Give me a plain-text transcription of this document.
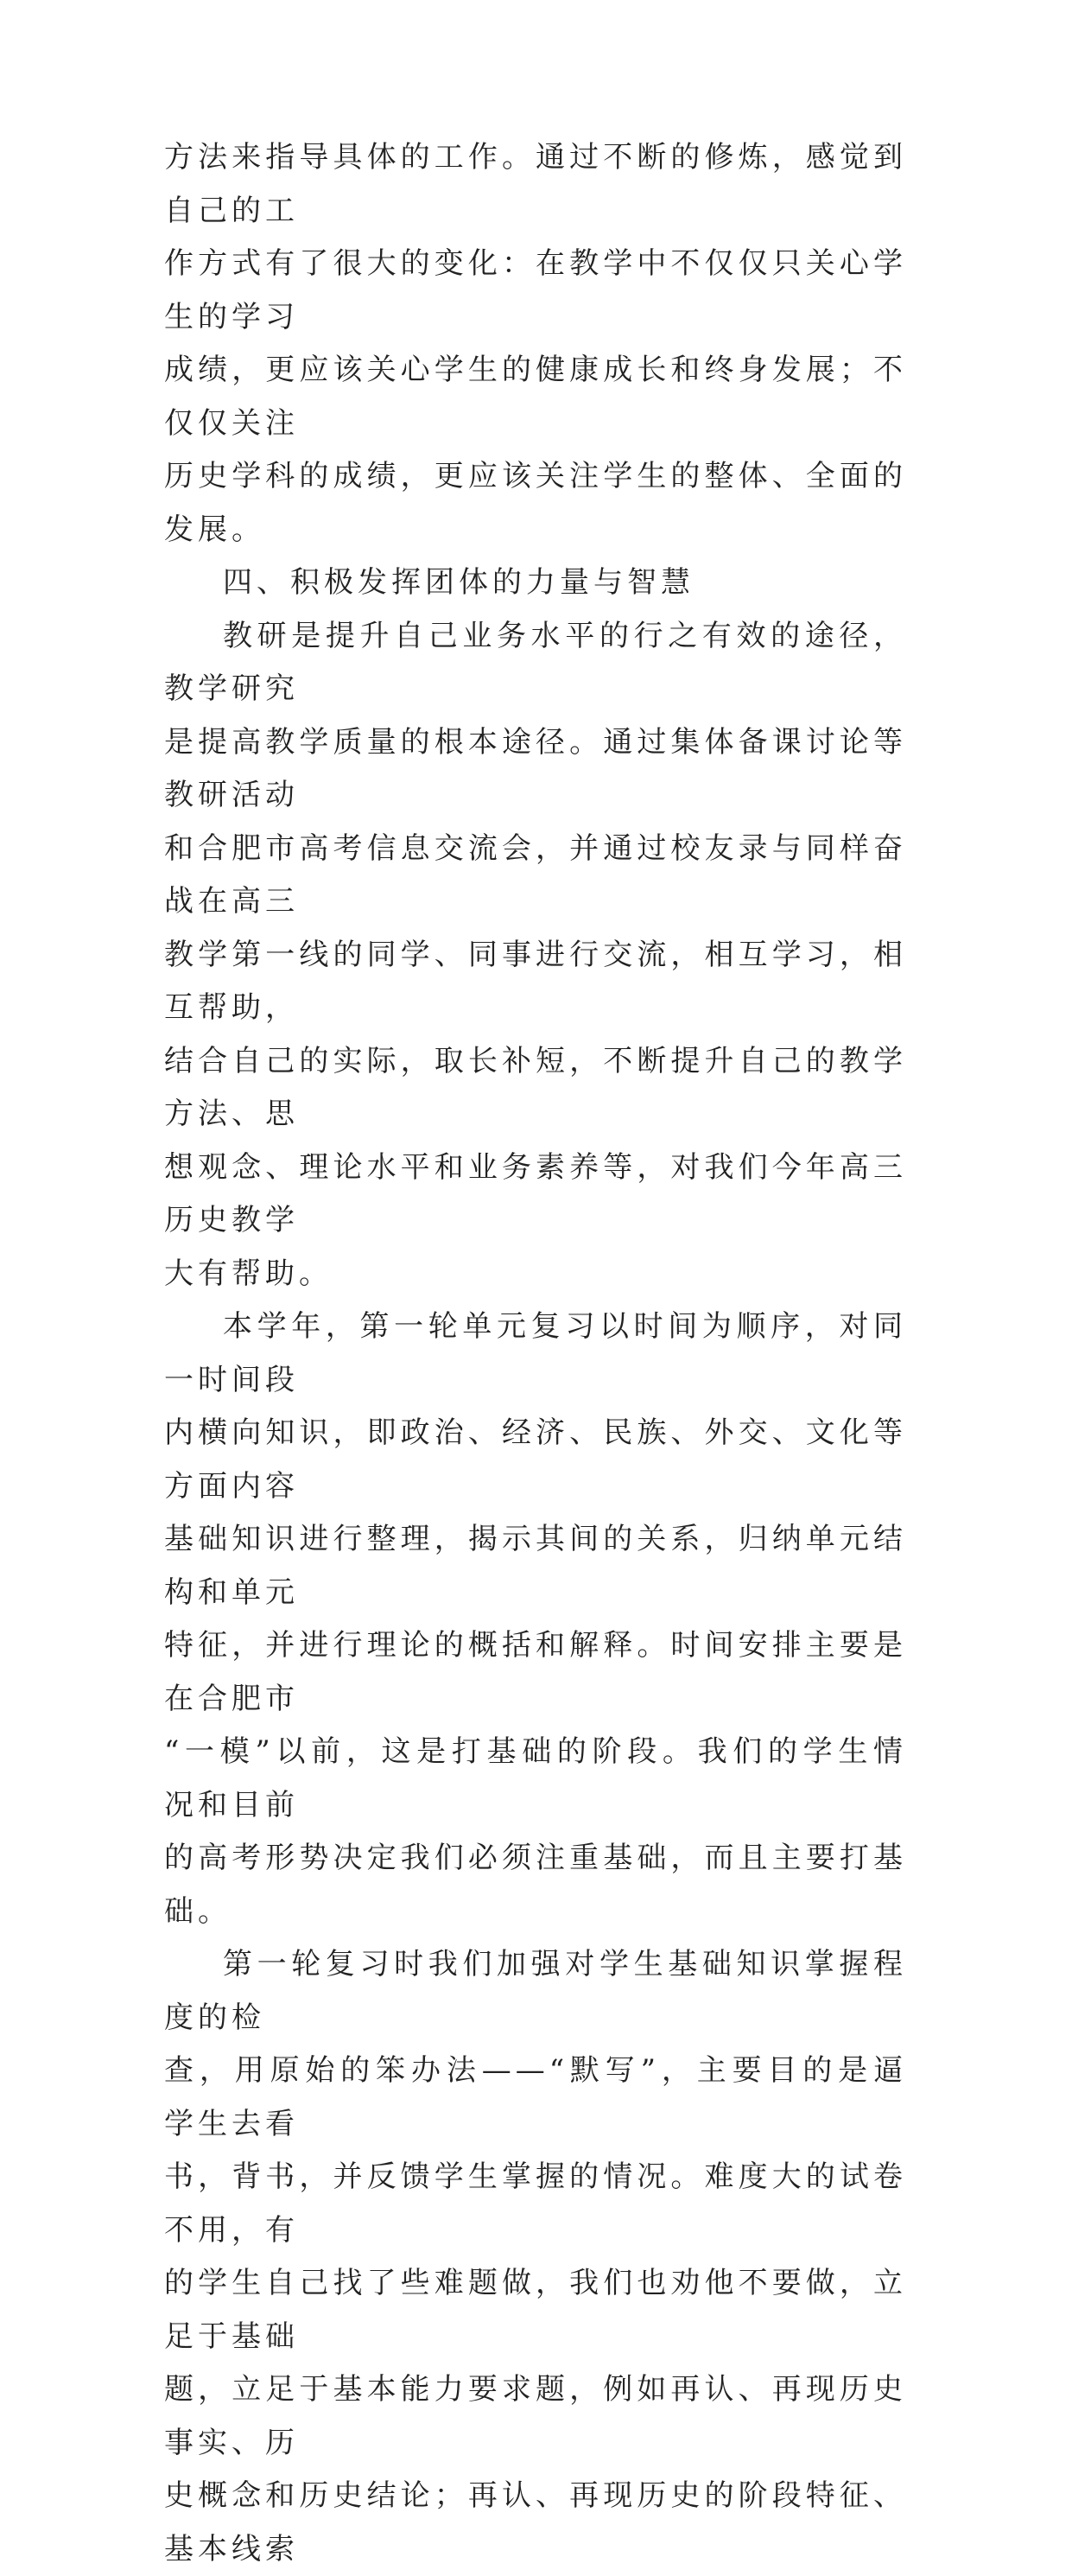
方法来指导具体的工作。通过不断的修炼，感觉到自己的工
作方式有了很大的变化：在教学中不仅仅只关心学生的学习
成绩，更应该关心学生的健康成长和终身发展；不仅仅关注
历史学科的成绩，更应该关注学生的整体、全面的发展。

四、积极发挥团体的力量与智慧

教研是提升自己业务水平的行之有效的途径，教学研究
是提高教学质量的根本途径。通过集体备课讨论等教研活动
和合肥市高考信息交流会，并通过校友录与同样奋战在高三
教学第一线的同学、同事进行交流，相互学习，相互帮助，
结合自己的实际，取长补短，不断提升自己的教学方法、思
想观念、理论水平和业务素养等，对我们今年高三历史教学
大有帮助。

本学年，第一轮单元复习以时间为顺序，对同一时间段
内横向知识，即政治、经济、民族、外交、文化等方面内容
基础知识进行整理，揭示其间的关系，归纳单元结构和单元
特征，并进行理论的概括和解释。时间安排主要是在合肥市
“一模”以前，这是打基础的阶段。我们的学生情况和目前
的高考形势决定我们必须注重基础，而且主要打基础。

第一轮复习时我们加强对学生基础知识掌握程度的检
查，用原始的笨办法——“默写”，主要目的是逼学生去看
书，背书，并反馈学生掌握的情况。难度大的试卷不用，有
的学生自己找了些难题做，我们也劝他不要做，立足于基础
题，立足于基本能力要求题，例如再认、再现历史事实、历
史概念和历史结论；再认、再现历史的阶段特征、基本线索
